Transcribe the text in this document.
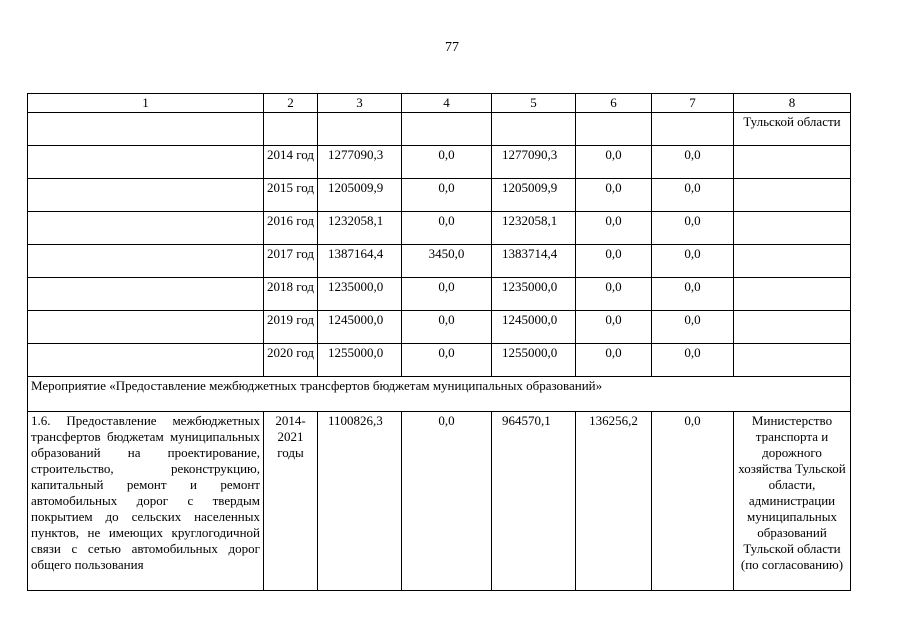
77
1	2	3	4	5	6	7	8
							Тульской области
	2014 год	1277090,3	0,0	1277090,3	0,0	0,0	
	2015 год	1205009,9	0,0	1205009,9	0,0	0,0	
	2016 год	1232058,1	0,0	1232058,1	0,0	0,0	
	2017 год	1387164,4	3450,0	1383714,4	0,0	0,0	
	2018 год	1235000,0	0,0	1235000,0	0,0	0,0	
	2019 год	1245000,0	0,0	1245000,0	0,0	0,0	
	2020 год	1255000,0	0,0	1255000,0	0,0	0,0	
Мероприятие «Предоставление межбюджетных трансфертов бюджетам муниципальных образований»							
1.6. Предоставление межбюджетных трансфертов бюджетам муниципальных образований на проектирование, строительство, реконструкцию, капитальный ремонт и ремонт автомобильных дорог с твердым покрытием до сельских населенных пунктов, не имеющих круглогодичной связи с сетью автомобильных дорог общего пользования	2014-2021 годы	1100826,3	0,0	964570,1	136256,2	0,0	Министерство транспорта и дорожного хозяйства Тульской области, администрации муниципальных образований Тульской области (по согласованию)
